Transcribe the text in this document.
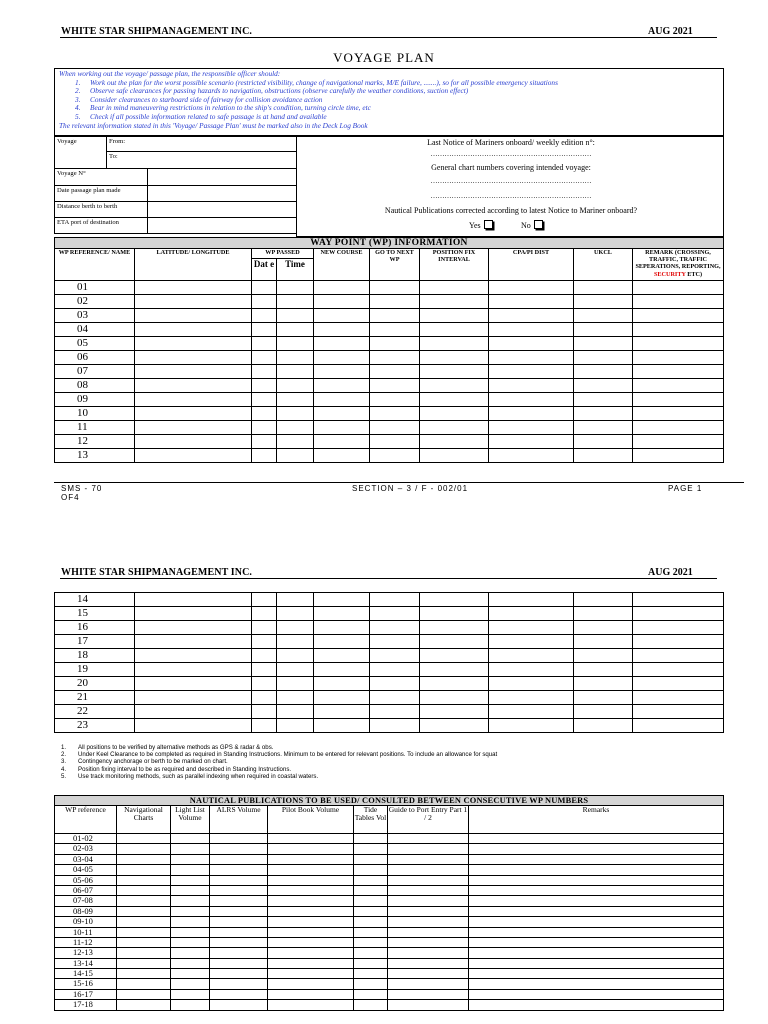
WHITE STAR SHIPMANAGEMENT INC.	AUG 2021
VOYAGE PLAN
When working out the voyage/ passage plan, the responsible officer should:
1. Work out the plan for the worst possible scenario (restricted visibility, change of navigational marks, M/E failure, .......), so for all possible emergency situations
2. Observe safe clearances for passing hazards to navigation, obstructions (observe carefully the weather conditions, suction effect)
3. Consider clearances to starboard side of fairway for collision avoidance action
4. Bear in mind maneuvering restrictions in relation to the ship's condition, turning circle time, etc
5. Check if all possible information related to safe passage is at hand and available
The relevant information stated in this 'Voyage/ Passage Plan' must be marked also in the Deck Log Book
Voyage	From:	
	To:	
Voyage N°		
Date passage plan made		
Distance berth to berth		
ETA port of destination		
Last Notice of Mariners onboard/ weekly edition n°:
……………………………………………………………
General chart numbers covering intended voyage:
……………………………………………………………
……………………………………………………………
Nautical Publications corrected according to latest Notice to Mariner onboard?
Yes	No
WAY POINT (WP) INFORMATION									
WP REFERENCE/ NAME	LATITUDE/ LONGITUDE	WP PASSED		NEW COURSE	GO TO NEXT WP	POSITION FIX INTERVAL	CPA/PI DIST	UKCL	REMARK (CROSSING, TRAFFIC, TRAFFIC SEPERATIONS, REPORTING, SECURITY ETC)
		Dat e	Time						
01									
02									
03									
04									
05									
06									
07									
08									
09									
10									
11									
12									
13									
SMS - 70
OF4
SECTION – 3 / F - 002/01	PAGE 1
WHITE STAR SHIPMANAGEMENT INC.	AUG 2021
14									
15									
16									
17									
18									
19									
20									
21									
22									
23									
1. All positions to be verified by alternative methods as GPS & radar & obs.
2. Under Keel Clearance to be completed as required in Standing Instructions. Minimum to be entered for relevant positions. To include an allowance for squat
3. Contingency anchorage or berth to be marked on chart.
4. Position fixing interval to be as required and described in Standing Instructions.
5. Use track monitoring methods, such as parallel indexing when required in coastal waters.
NAUTICAL PUBLICATIONS TO BE USED/ CONSULTED BETWEEN CONSECUTIVE WP NUMBERS							
WP reference	Navigational Charts	Light List Volume	ALRS Volume	Pilot Book Volume	Tide Tables Vol	Guide to Port Entry Part 1 / 2	Remarks
01-02							
02-03							
03-04							
04-05							
05-06							
06-07							
07-08							
08-09							
09-10							
10-11							
11-12							
12-13							
13-14							
14-15							
15-16							
16-17							
17-18							
